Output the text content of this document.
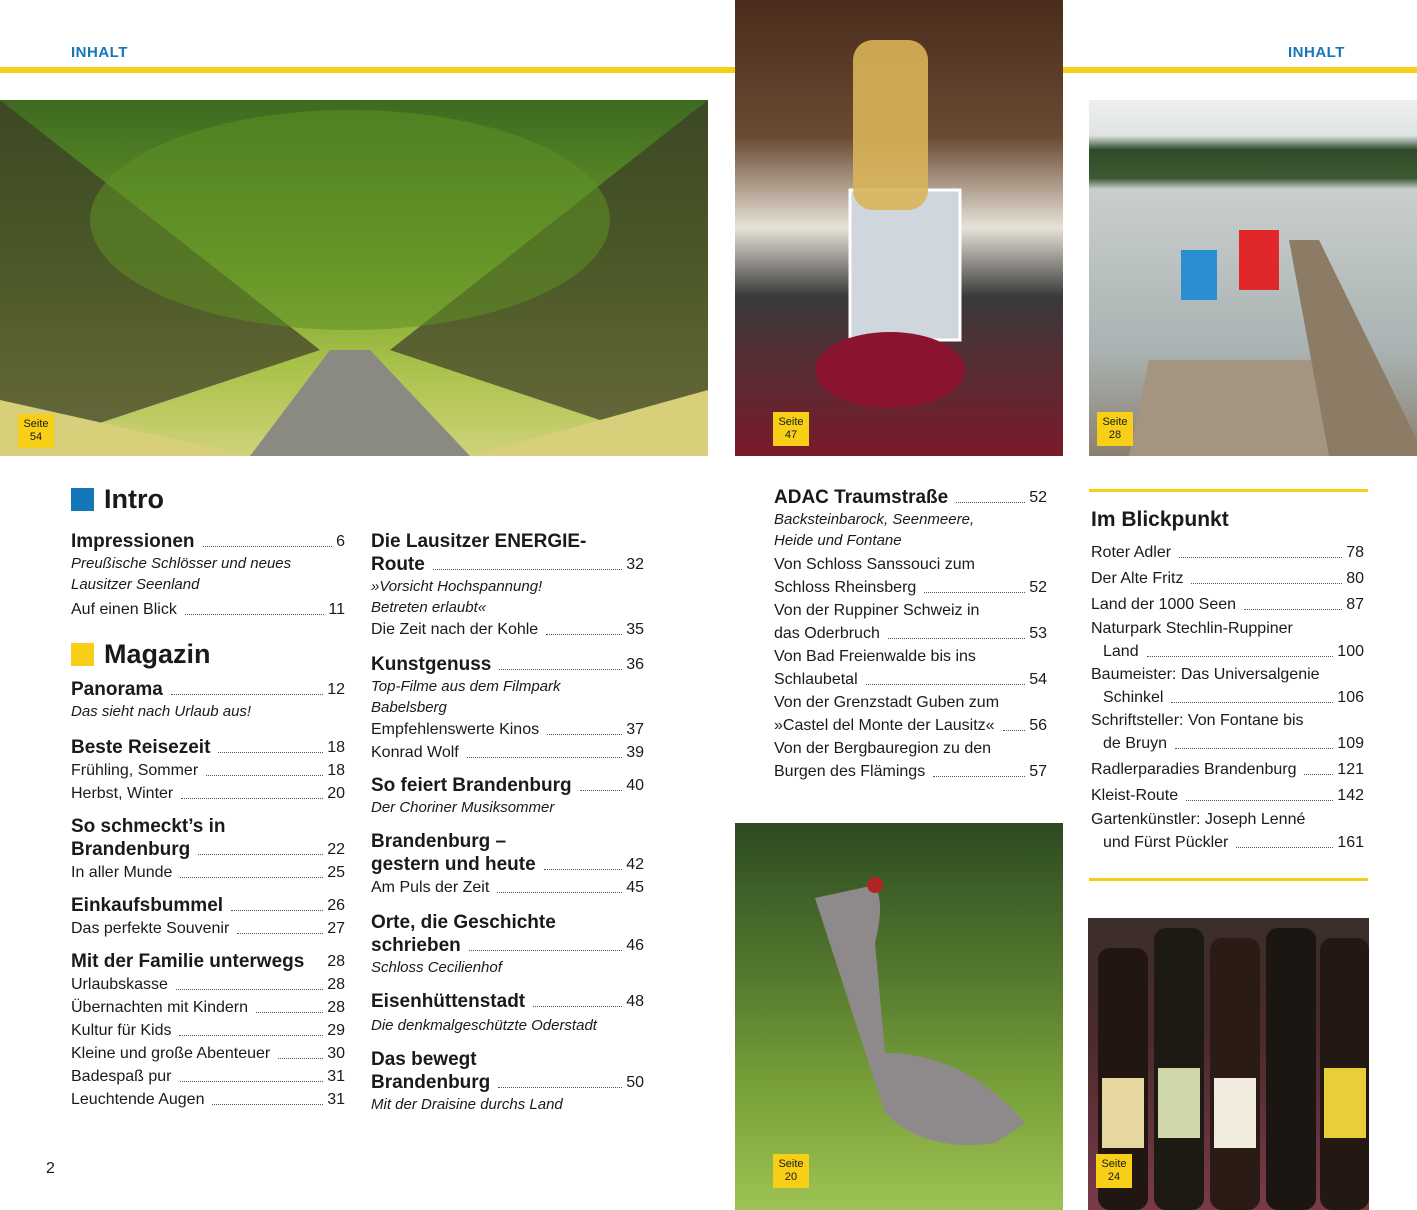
INHALT	INHALT
Seite
54
Seite
47
Seite
28
Seite
20
Seite
24
Intro
Impressionen	6
Preußische Schlösser und neues
Lausitzer Seenland
Auf einen Blick	11
Magazin
Panorama	12
Das sieht nach Urlaub aus!
Beste Reisezeit	18
Frühling, Sommer	18
Herbst, Winter	20
So schmeckt’s in
Brandenburg	22
In aller Munde	25
Einkaufsbummel	26
Das perfekte Souvenir	27
Mit der Familie unterwegs 28
Urlaubskasse	28
Übernachten mit Kindern	28
Kultur für Kids	29
Kleine und große Abenteuer	30
Badespaß pur	31
Leuchtende Augen	31
Die Lausitzer ENERGIE-
Route	32
»Vorsicht Hochspannung!
Betreten erlaubt«
Die Zeit nach der Kohle	35
Kunstgenuss	36
Top-Filme aus dem Filmpark
Babelsberg
Empfehlenswerte Kinos	37
Konrad Wolf	39
So feiert Brandenburg	40
Der Choriner Musiksommer
Brandenburg –
gestern und heute	42
Am Puls der Zeit	45
Orte, die Geschichte
schrieben	46
Schloss Cecilienhof
Eisenhüttenstadt	48
Die denkmalgeschützte Oderstadt
Das bewegt
Brandenburg	50
Mit der Draisine durchs Land
ADAC Traumstraße	52
Backsteinbarock, Seenmeere,
Heide und Fontane
Von Schloss Sanssouci zum
Schloss Rheinsberg	52
Von der Ruppiner Schweiz in
das Oderbruch	53
Von Bad Freienwalde bis ins
Schlaubetal	54
Von der Grenzstadt Guben zum
»Castel del Monte der Lausitz« 56
Von der Bergbauregion zu den
Burgen des Flämings	57
Im Blickpunkt
Roter Adler	78
Der Alte Fritz	80
Land der 1000 Seen	87
Naturpark Stechlin-Ruppiner
Land	100
Baumeister: Das Universalgenie
Schinkel	106
Schriftsteller: Von Fontane bis
de Bruyn	109
Radlerparadies Brandenburg	121
Kleist-Route	142
Gartenkünstler: Joseph Lenné
und Fürst Pückler	161
2
